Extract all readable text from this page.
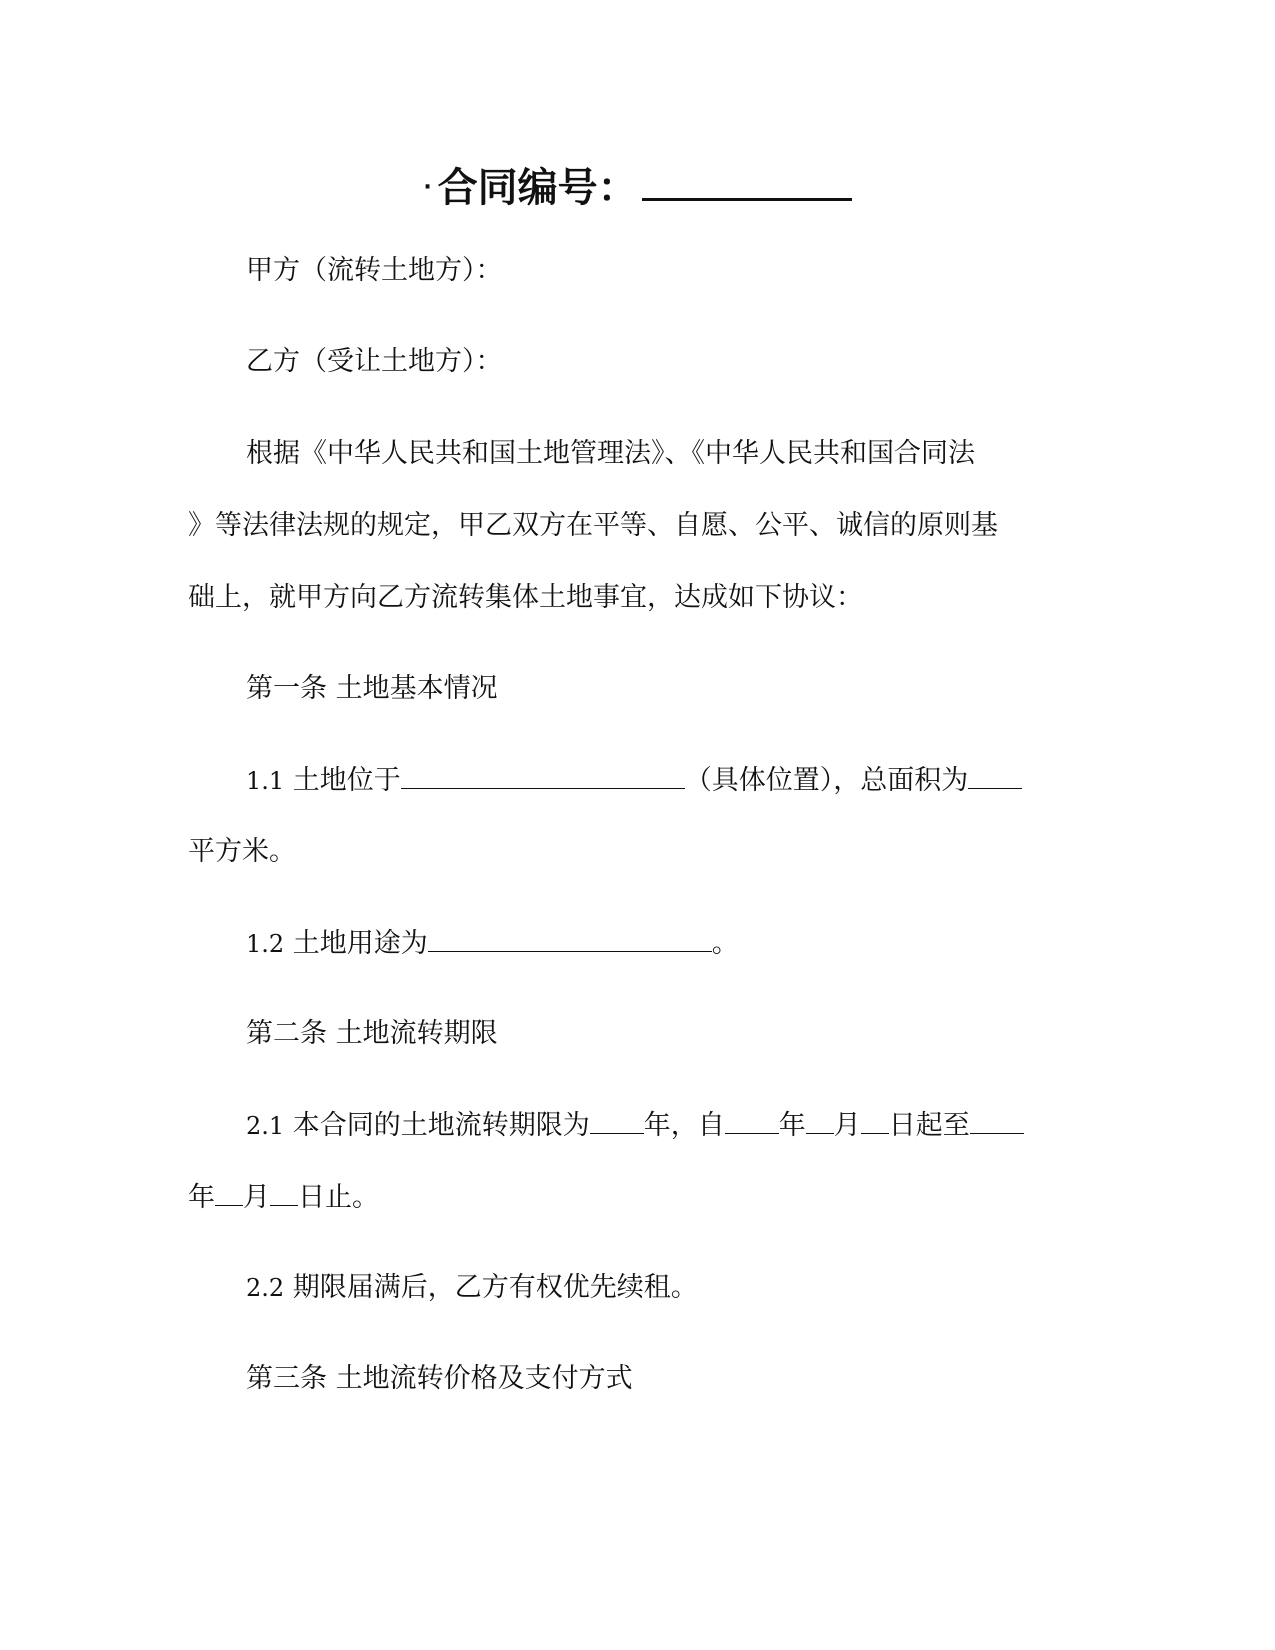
· 合同编号：
甲方（流转土地方）：
乙方（受让土地方）：
根据《中华人民共和国土地管理法》、《中华人民共和国合同法
》等法律法规的规定，甲乙双方在平等、自愿、公平、诚信的原则基
础上，就甲方向乙方流转集体土地事宜，达成如下协议：
第一条 土地基本情况
1.1 土地位于	（具体位置），总面积为
平方米。
1.2 土地用途为	。
第二条 土地流转期限
2.1 本合同的土地流转期限为 年，自 年 月 日起至
年 月 日止。
2.2 期限届满后，乙方有权优先续租。
第三条 土地流转价格及支付方式
